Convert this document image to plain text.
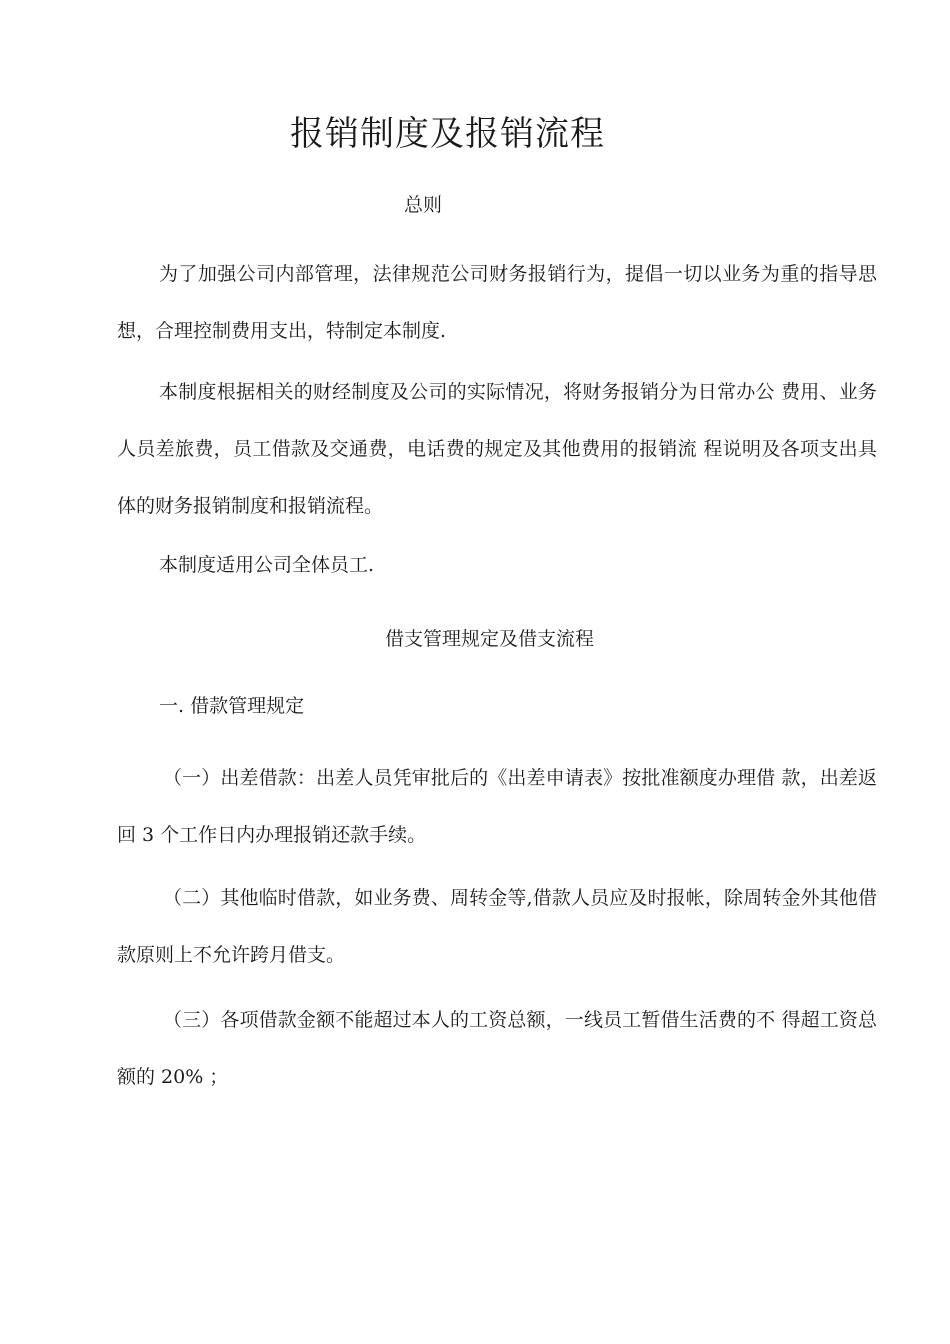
报销制度及报销流程
总则

为了加强公司内部管理，法律规范公司财务报销行为，提倡一切以业务为重的指导思想，合理控制费用支出，特制定本制度.

本制度根据相关的财经制度及公司的实际情况，将财务报销分为日常办公 费用、业务人员差旅费，员工借款及交通费，电话费的规定及其他费用的报销流 程说明及各项支出具体的财务报销制度和报销流程。

本制度适用公司全体员工.

借支管理规定及借支流程

一. 借款管理规定

（一）出差借款：出差人员凭审批后的《出差申请表》按批准额度办理借 款，出差返回 3 个工作日内办理报销还款手续。

（二）其他临时借款，如业务费、周转金等,借款人员应及时报帐，除周转金外其他借款原则上不允许跨月借支。

（三）各项借款金额不能超过本人的工资总额，一线员工暂借生活费的不 得超工资总额的 20% ；
